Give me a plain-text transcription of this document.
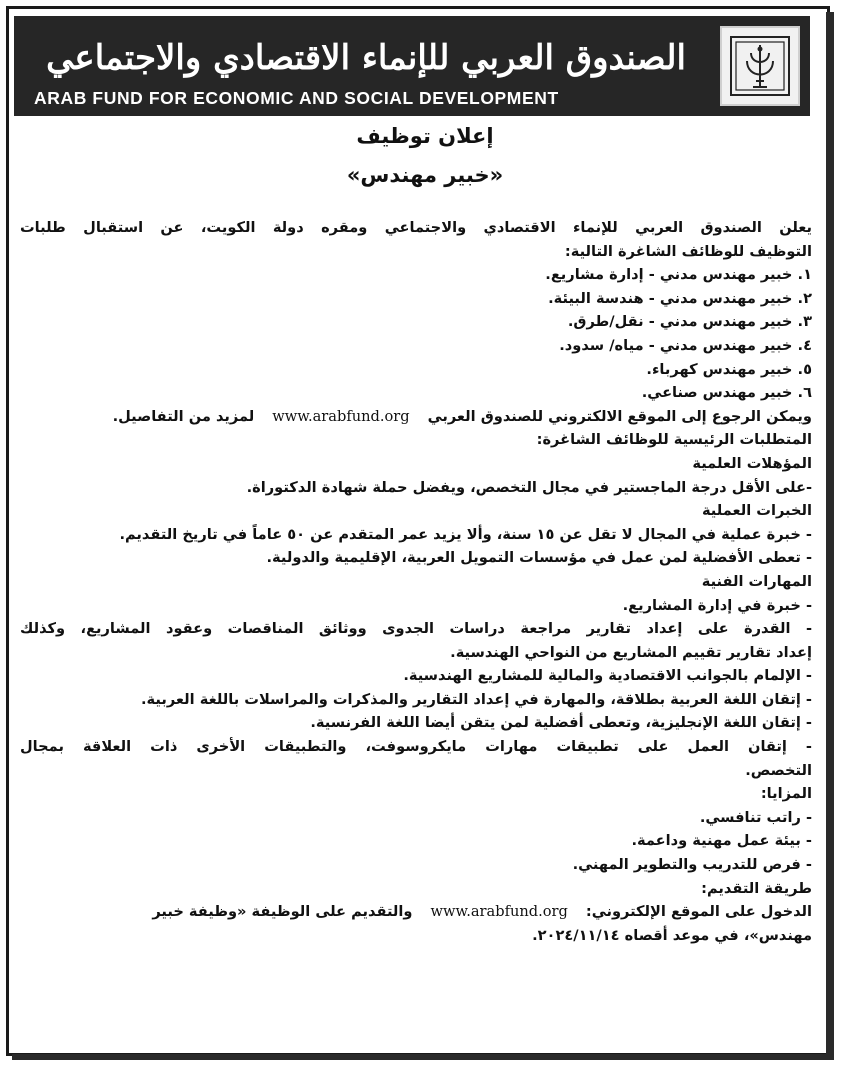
الصندوق العربي للإنماء الاقتصادي والاجتماعي
ARAB FUND FOR ECONOMIC AND SOCIAL DEVELOPMENT
إعلان توظيف
«خبير مهندس»
يعلن الصندوق العربي للإنماء الاقتصادي والاجتماعي ومقره دولة الكويت، عن استقبال طلبات
التوظيف للوظائف الشاغرة التالية:
١. خبير مهندس مدني - إدارة مشاريع.
٢. خبير مهندس مدني - هندسة البيئة.
٣. خبير مهندس مدني - نقل/طرق.
٤. خبير مهندس مدني - مياه/ سدود.
٥. خبير مهندس كهرباء.
٦. خبير مهندس صناعي.
ويمكن الرجوع إلى الموقع الالكتروني للصندوق العربيwww.arabfund.orgلمزيد من التفاصيل.
المتطلبات الرئيسية للوظائف الشاغرة:
المؤهلات العلمية
-على الأقل درجة الماجستير في مجال التخصص، ويفضل حملة شهادة الدكتوراة.
الخبرات العملية
- خبرة عملية في المجال لا تقل عن ١٥ سنة، وألا يزيد عمر المتقدم عن ٥٠ عاماً في تاريخ التقديم.
- تعطى الأفضلية لمن عمل في مؤسسات التمويل العربية، الإقليمية والدولية.
المهارات الفنية
- خبرة في إدارة المشاريع.
- القدرة على إعداد تقارير مراجعة دراسات الجدوى ووثائق المناقصات وعقود المشاريع، وكذلك
إعداد تقارير تقييم المشاريع من النواحي الهندسية.
- الإلمام بالجوانب الاقتصادية والمالية للمشاريع الهندسية.
- إتقان اللغة العربية بطلاقة، والمهارة في إعداد التقارير والمذكرات والمراسلات باللغة العربية.
- إتقان اللغة الإنجليزية، وتعطى أفضلية لمن يتقن أيضا اللغة الفرنسية.
- إتقان العمل على تطبيقات مهارات مايكروسوفت، والتطبيقات الأخرى ذات العلاقة بمجال
التخصص.
المزايا:
- راتب تنافسي.
- بيئة عمل مهنية وداعمة.
- فرص للتدريب والتطوير المهني.
طريقة التقديم:
الدخول على الموقع الإلكتروني:www.arabfund.orgوالتقديم على الوظيفة «وظيفة خبير
مهندس»، في موعد أقصاه ٢٠٢٤/١١/١٤.
